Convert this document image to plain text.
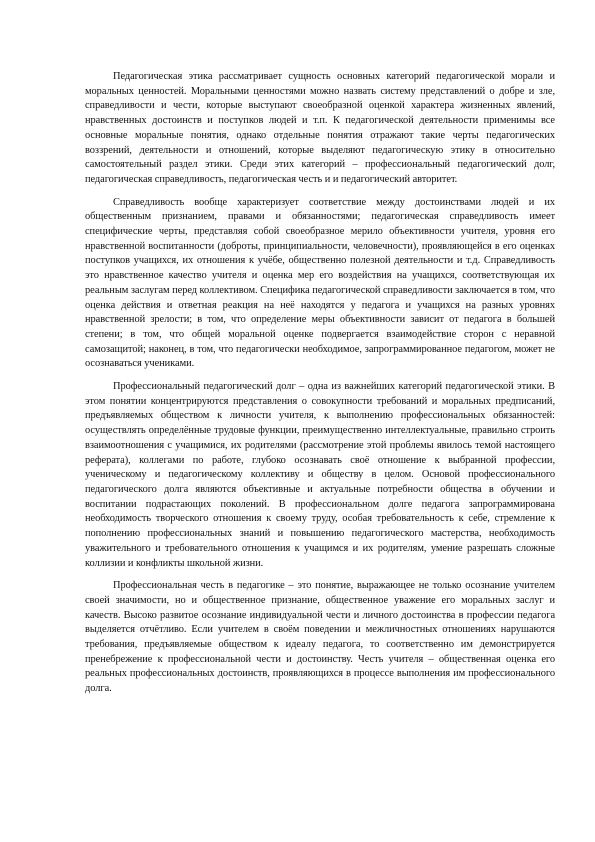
Педагогическая этика рассматривает сущность основных категорий педагогической морали и моральных ценностей. Моральными ценностями можно назвать систему представлений о добре и зле, справедливости и чести, которые выступают своеобразной оценкой характера жизненных явлений, нравственных достоинств и поступков людей и т.п. К педагогической деятельности применимы все основные моральные понятия, однако отдельные понятия отражают такие черты педагогических воззрений, деятельности и отношений, которые выделяют педагогическую этику в относительно самостоятельный раздел этики. Среди этих категорий – профессиональный педагогический долг, педагогическая справедливость, педагогическая честь и и педагогический авторитет.

Справедливость вообще характеризует соответствие между достоинствами людей и их общественным признанием, правами и обязанностями; педагогическая справедливость имеет специфические черты, представляя собой своеобразное мерило объективности учителя, уровня его нравственной воспитанности (доброты, принципиальности, человечности), проявляющейся в его оценках поступков учащихся, их отношения к учёбе, общественно полезной деятельности и т.д. Справедливость это нравственное качество учителя и оценка мер его воздействия на учащихся, соответствующая их реальным заслугам перед коллективом. Специфика педагогической справедливости заключается в том, что оценка действия и ответная реакция на неё находятся у педагога и учащихся на разных уровнях нравственной зрелости; в том, что определение меры объективности зависит от педагога в большей степени; в том, что общей моральной оценке подвергается взаимодействие сторон с неравной самозащитой; наконец, в том, что педагогически необходимое, запрограммированное педагогом, может не осознаваться учениками.

Профессиональный педагогический долг – одна из важнейших категорий педагогической этики. В этом понятии концентрируются представления о совокупности требований и моральных предписаний, предъявляемых обществом к личности учителя, к выполнению профессиональных обязанностей: осуществлять определённые трудовые функции, преимущественно интеллектуальные, правильно строить взаимоотношения с учащимися, их родителями (рассмотрение этой проблемы явилось темой настоящего реферата), коллегами по работе, глубоко осознавать своё отношение к выбранной профессии, ученическому и педагогическому коллективу и обществу в целом. Основой профессионального педагогического долга являются объективные и актуальные потребности общества в обучении и воспитании подрастающих поколений. В профессиональном долге педагога запрограммирована необходимость творческого отношения к своему труду, особая требовательность к себе, стремление к пополнению профессиональных знаний и повышению педагогического мастерства, необходимость уважительного и требовательного отношения к учащимся и их родителям, умение разрешать сложные коллизии и конфликты школьной жизни.

Профессиональная честь в педагогике – это понятие, выражающее не только осознание учителем своей значимости, но и общественное признание, общественное уважение его моральных заслуг и качеств. Высоко развитое осознание индивидуальной чести и личного достоинства в профессии педагога выделяется отчётливо. Если учителем в своём поведении и межличностных отношениях нарушаются требования, предъявляемые обществом к идеалу педагога, то соответственно им демонстрируется пренебрежение к профессиональной чести и достоинству. Честь учителя – общественная оценка его реальных профессиональных достоинств, проявляющихся в процессе выполнения им профессионального долга.
